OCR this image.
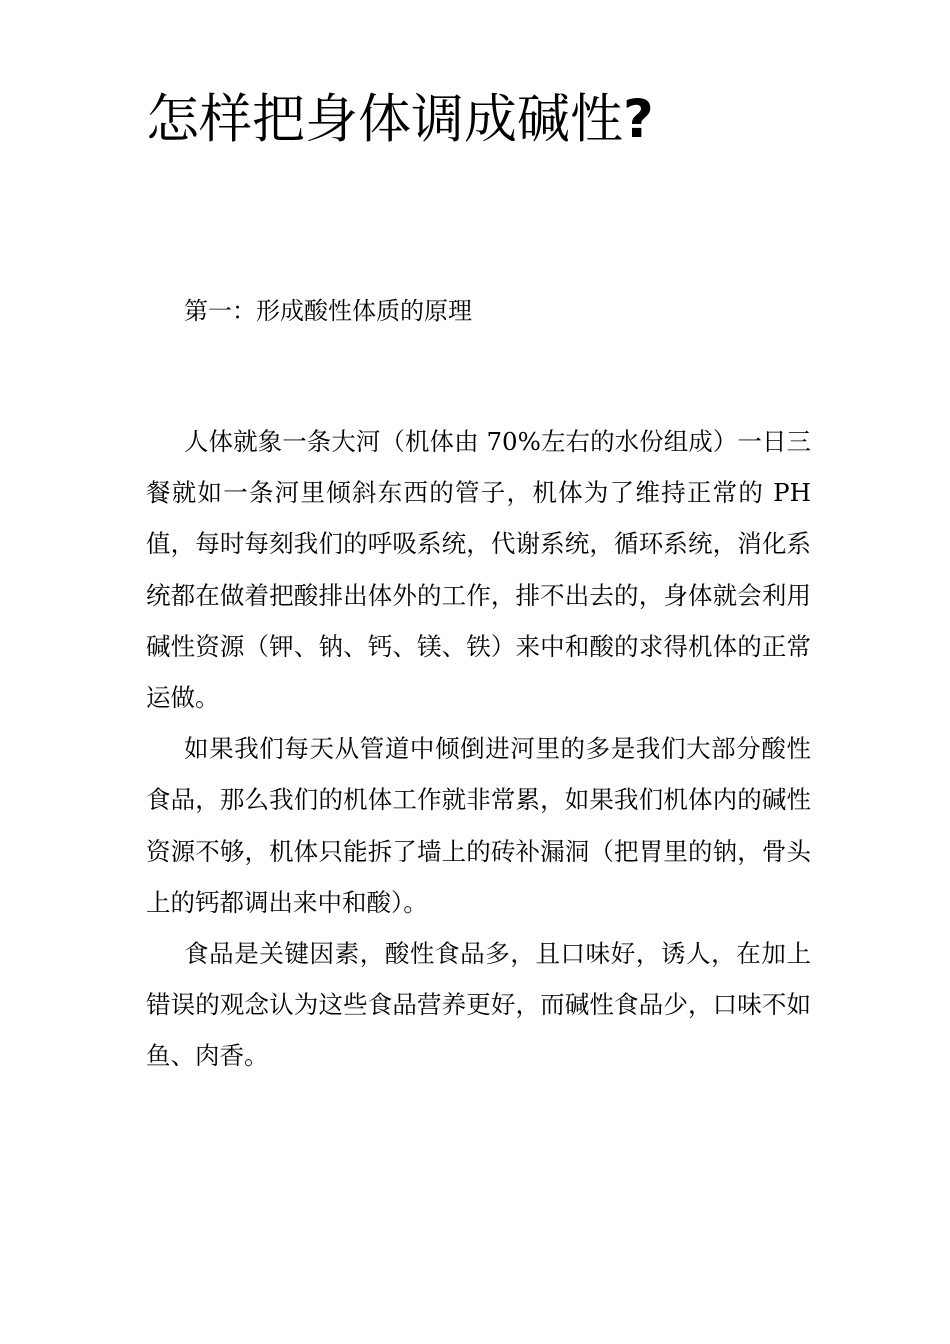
怎样把身体调成碱性?
第一：形成酸性体质的原理

人体就象一条大河（机体由 70%左右的水份组成）一日三餐就如一条河里倾斜东西的管子，机体为了维持正常的 PH 值，每时每刻我们的呼吸系统，代谢系统，循环系统，消化系统都在做着把酸排出体外的工作，排不出去的，身体就会利用碱性资源（钾、钠、钙、镁、铁）来中和酸的求得机体的正常运做。

如果我们每天从管道中倾倒进河里的多是我们大部分酸性食品，那么我们的机体工作就非常累，如果我们机体内的碱性资源不够，机体只能拆了墙上的砖补漏洞（把胃里的钠，骨头上的钙都调出来中和酸）。

食品是关键因素，酸性食品多，且口味好，诱人，在加上错误的观念认为这些食品营养更好，而碱性食品少，口味不如鱼、肉香。
